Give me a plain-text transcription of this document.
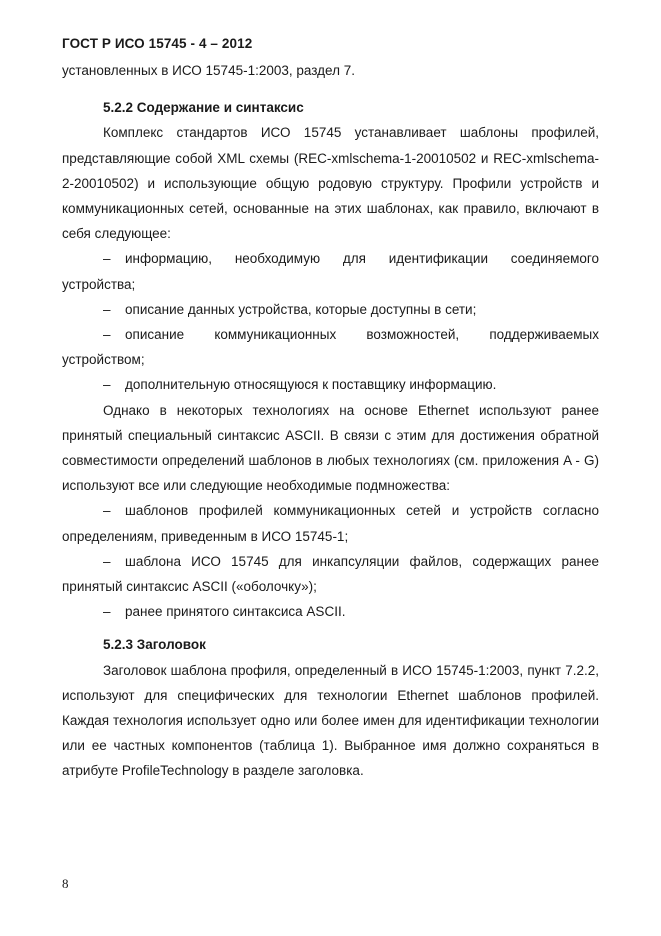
ГОСТ Р ИСО 15745 - 4 – 2012

установленных в ИСО 15745-1:2003, раздел 7.

5.2.2 Содержание и синтаксис

Комплекс стандартов ИСО 15745 устанавливает шаблоны профилей, представляющие собой XML схемы (REC-xmlschema-1-20010502 и REC-xmlschema-2-20010502) и использующие общую родовую структуру. Профили устройств и коммуникационных сетей, основанные на этих шаблонах, как правило, включают в себя следующее:

– информацию, необходимую для идентификации соединяемого устройства;

– описание данных устройства, которые доступны в сети;

– описание коммуникационных возможностей, поддерживаемых устройством;

– дополнительную относящуюся к поставщику информацию.

Однако в некоторых технологиях на основе Ethernet используют ранее принятый специальный синтаксис ASCII. В связи с этим для достижения обратной совместимости определений шаблонов в любых технологиях (см. приложения A - G) используют все или следующие необходимые подмножества:

– шаблонов профилей коммуникационных сетей и устройств согласно определениям, приведенным в ИСО 15745-1;

– шаблона ИСО 15745 для инкапсуляции файлов, содержащих ранее принятый синтаксис ASCII («оболочку»);

– ранее принятого синтаксиса ASCII.

5.2.3 Заголовок

Заголовок шаблона профиля, определенный в ИСО 15745-1:2003, пункт 7.2.2, используют для специфических для технологии Ethernet шаблонов профилей. Каждая технология использует одно или более имен для идентификации технологии или ее частных компонентов (таблица 1). Выбранное имя должно сохраняться в атрибуте ProfileTechnology в разделе заголовка.

8
